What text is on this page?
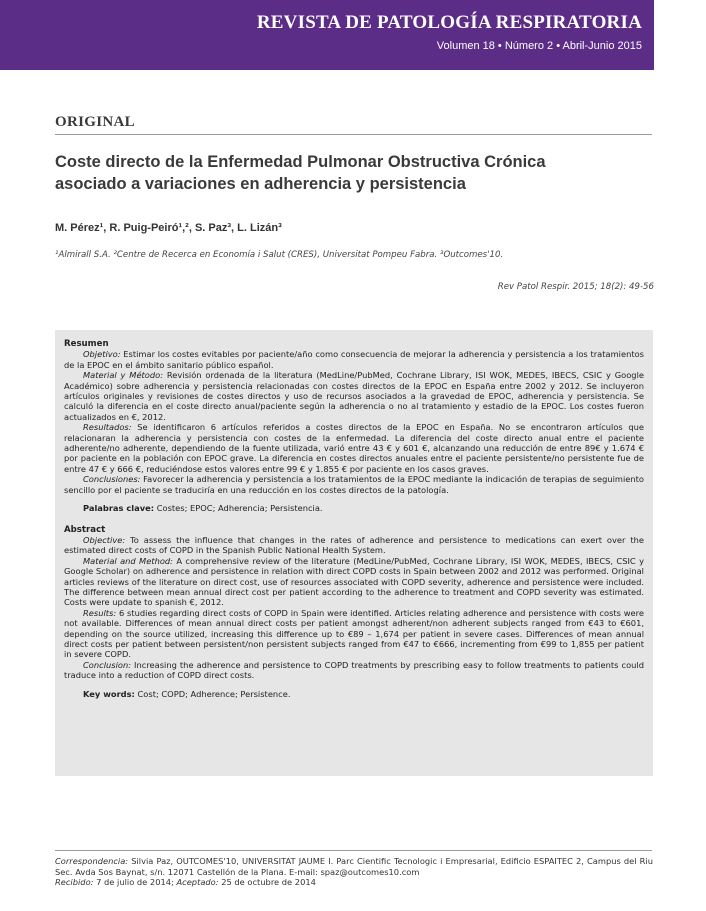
REVISTA DE PATOLOGÍA RESPIRATORIA
Volumen 18 • Número 2 • Abril-Junio 2015
ORIGINAL
Coste directo de la Enfermedad Pulmonar Obstructiva Crónica
asociado a variaciones en adherencia y persistencia
M. Pérez¹, R. Puig-Peiró¹,², S. Paz³, L. Lizán³
¹Almirall S.A. ²Centre de Recerca en Economía i Salut (CRES), Universitat Pompeu Fabra. ³Outcomes'10.
Rev Patol Respir. 2015; 18(2): 49-56
Resumen

Objetivo: Estimar los costes evitables por paciente/año como consecuencia de mejorar la adherencia y persistencia a los tratamientos de la EPOC en el ámbito sanitario público español.

Material y Método: Revisión ordenada de la literatura (MedLine/PubMed, Cochrane Library, ISI WOK, MEDES, IBECS, CSIC y Google Académico) sobre adherencia y persistencia relacionadas con costes directos de la EPOC en España entre 2002 y 2012. Se incluyeron artículos originales y revisiones de costes directos y uso de recursos asociados a la gravedad de EPOC, adherencia y persistencia. Se calculó la diferencia en el coste directo anual/paciente según la adherencia o no al tratamiento y estadio de la EPOC. Los costes fueron actualizados en €, 2012.

Resultados: Se identificaron 6 artículos referidos a costes directos de la EPOC en España. No se encontraron artículos que relacionaran la adherencia y persistencia con costes de la enfermedad. La diferencia del coste directo anual entre el paciente adherente/no adherente, dependiendo de la fuente utilizada, varió entre 43 € y 601 €, alcanzando una reducción de entre 89€ y 1.674 € por paciente en la población con EPOC grave. La diferencia en costes directos anuales entre el paciente persistente/no persistente fue de entre 47 € y 666 €, reduciéndose estos valores entre 99 € y 1.855 € por paciente en los casos graves.

Conclusiones: Favorecer la adherencia y persistencia a los tratamientos de la EPOC mediante la indicación de terapias de seguimiento sencillo por el paciente se traduciría en una reducción en los costes directos de la patología.

Palabras clave: Costes; EPOC; Adherencia; Persistencia.

Abstract

Objective: To assess the influence that changes in the rates of adherence and persistence to medications can exert over the estimated direct costs of COPD in the Spanish Public National Health System.

Material and Method: A comprehensive review of the literature (MedLine/PubMed, Cochrane Library, ISI WOK, MEDES, IBECS, CSIC y Google Scholar) on adherence and persistence in relation with direct COPD costs in Spain between 2002 and 2012 was performed. Original articles reviews of the literature on direct cost, use of resources associated with COPD severity, adherence and persistence were included. The difference between mean annual direct cost per patient according to the adherence to treatment and COPD severity was estimated. Costs were update to spanish €, 2012.

Results: 6 studies regarding direct costs of COPD in Spain were identified. Articles relating adherence and persistence with costs were not available. Differences of mean annual direct costs per patient amongst adherent/non adherent subjects ranged from €43 to €601, depending on the source utilized, increasing this difference up to €89 – 1,674 per patient in severe cases. Differences of mean annual direct costs per patient between persistent/non persistent subjects ranged from €47 to €666, incrementing from €99 to 1,855 per patient in severe COPD.

Conclusion: Increasing the adherence and persistence to COPD treatments by prescribing easy to follow treatments to patients could traduce into a reduction of COPD direct costs.

Key words: Cost; COPD; Adherence; Persistence.

Correspondencia: Silvia Paz, OUTCOMES'10, UNIVERSITAT JAUME I. Parc Cientific Tecnologic i Empresarial, Edificio ESPAITEC 2, Campus del Riu Sec. Avda Sos Baynat, s/n. 12071 Castellón de la Plana. E-mail: spaz@outcomes10.com
Recibido: 7 de julio de 2014; Aceptado: 25 de octubre de 2014
